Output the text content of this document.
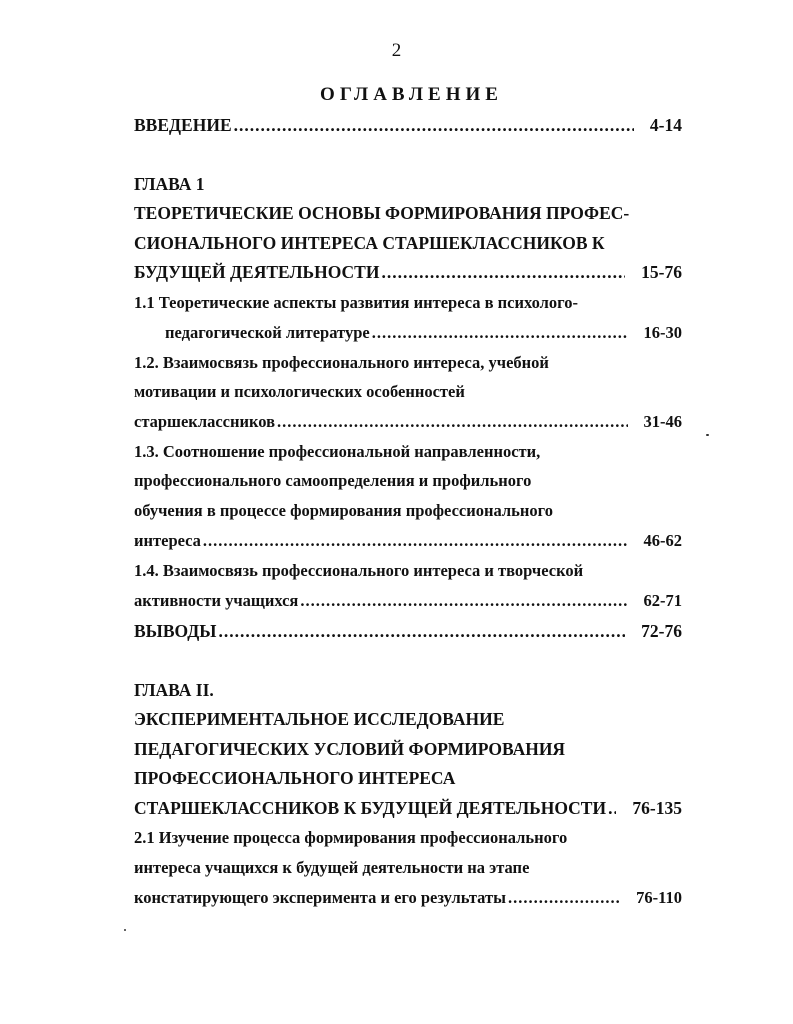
2
ОГЛАВЛЕНИЕ
ВВЕДЕНИЕ .....	4-14
ГЛАВА 1
ТЕОРЕТИЧЕСКИЕ ОСНОВЫ ФОРМИРОВАНИЯ ПРОФЕС-
СИОНАЛЬНОГО ИНТЕРЕСА СТАРШЕКЛАССНИКОВ К
БУДУЩЕЙ ДЕЯТЕЛЬНОСТИ .....	15-76
1.1 Теоретические аспекты развития интереса в психолого-
педагогической литературе .....	16-30
1.2. Взаимосвязь профессионального интереса, учебной
мотивации и психологических особенностей
старшеклассников .....	31-46
1.3. Соотношение профессиональной направленности,
профессионального самоопределения и профильного
обучения в процессе формирования профессионального
интереса .....	46-62
1.4. Взаимосвязь профессионального интереса и творческой
активности учащихся .....	62-71
ВЫВОДЫ .....	72-76
ГЛАВА II.
ЭКСПЕРИМЕНТАЛЬНОЕ ИССЛЕДОВАНИЕ
ПЕДАГОГИЧЕСКИХ УСЛОВИЙ ФОРМИРОВАНИЯ
ПРОФЕССИОНАЛЬНОГО ИНТЕРЕСА
СТАРШЕКЛАССНИКОВ К БУДУЩЕЙ ДЕЯТЕЛЬНОСТИ .....	76-135
2.1 Изучение процесса формирования профессионального
интереса учащихся к будущей деятельности на этапе
констатирующего эксперимента и его результаты .....	76-110
